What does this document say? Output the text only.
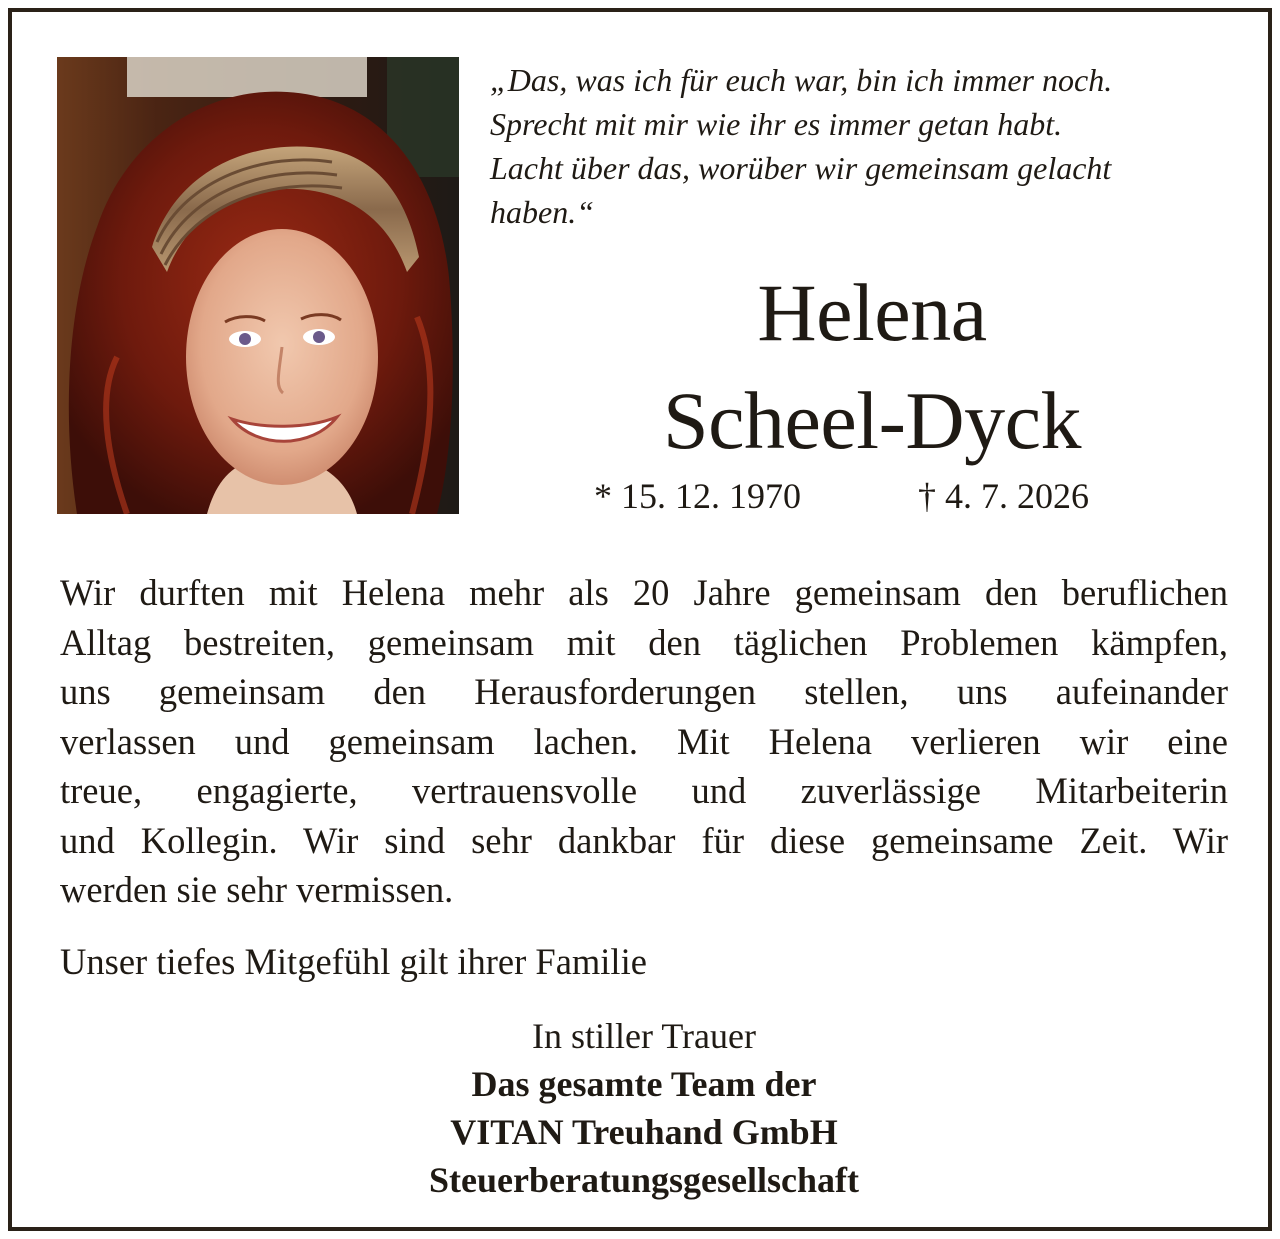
„Das, was ich für euch war, bin ich immer noch.
Sprecht mit mir wie ihr es immer getan habt.
Lacht über das, worüber wir gemeinsam gelacht
haben.“
Helena
Scheel-Dyck
* 15. 12. 1970	† 4. 7. 2026
Wir durften mit Helena mehr als 20 Jahre gemeinsam den beruflichen
Alltag bestreiten, gemeinsam mit den täglichen Problemen kämpfen,
uns gemeinsam den Herausforderungen stellen, uns aufeinander
verlassen und gemeinsam lachen. Mit Helena verlieren wir eine
treue, engagierte, vertrauensvolle und zuverlässige Mitarbeiterin
und Kollegin. Wir sind sehr dankbar für diese gemeinsame Zeit. Wir
werden sie sehr vermissen.
Unser tiefes Mitgefühl gilt ihrer Familie
In stiller Trauer
Das gesamte Team der
VITAN Treuhand GmbH
Steuerberatungsgesellschaft
